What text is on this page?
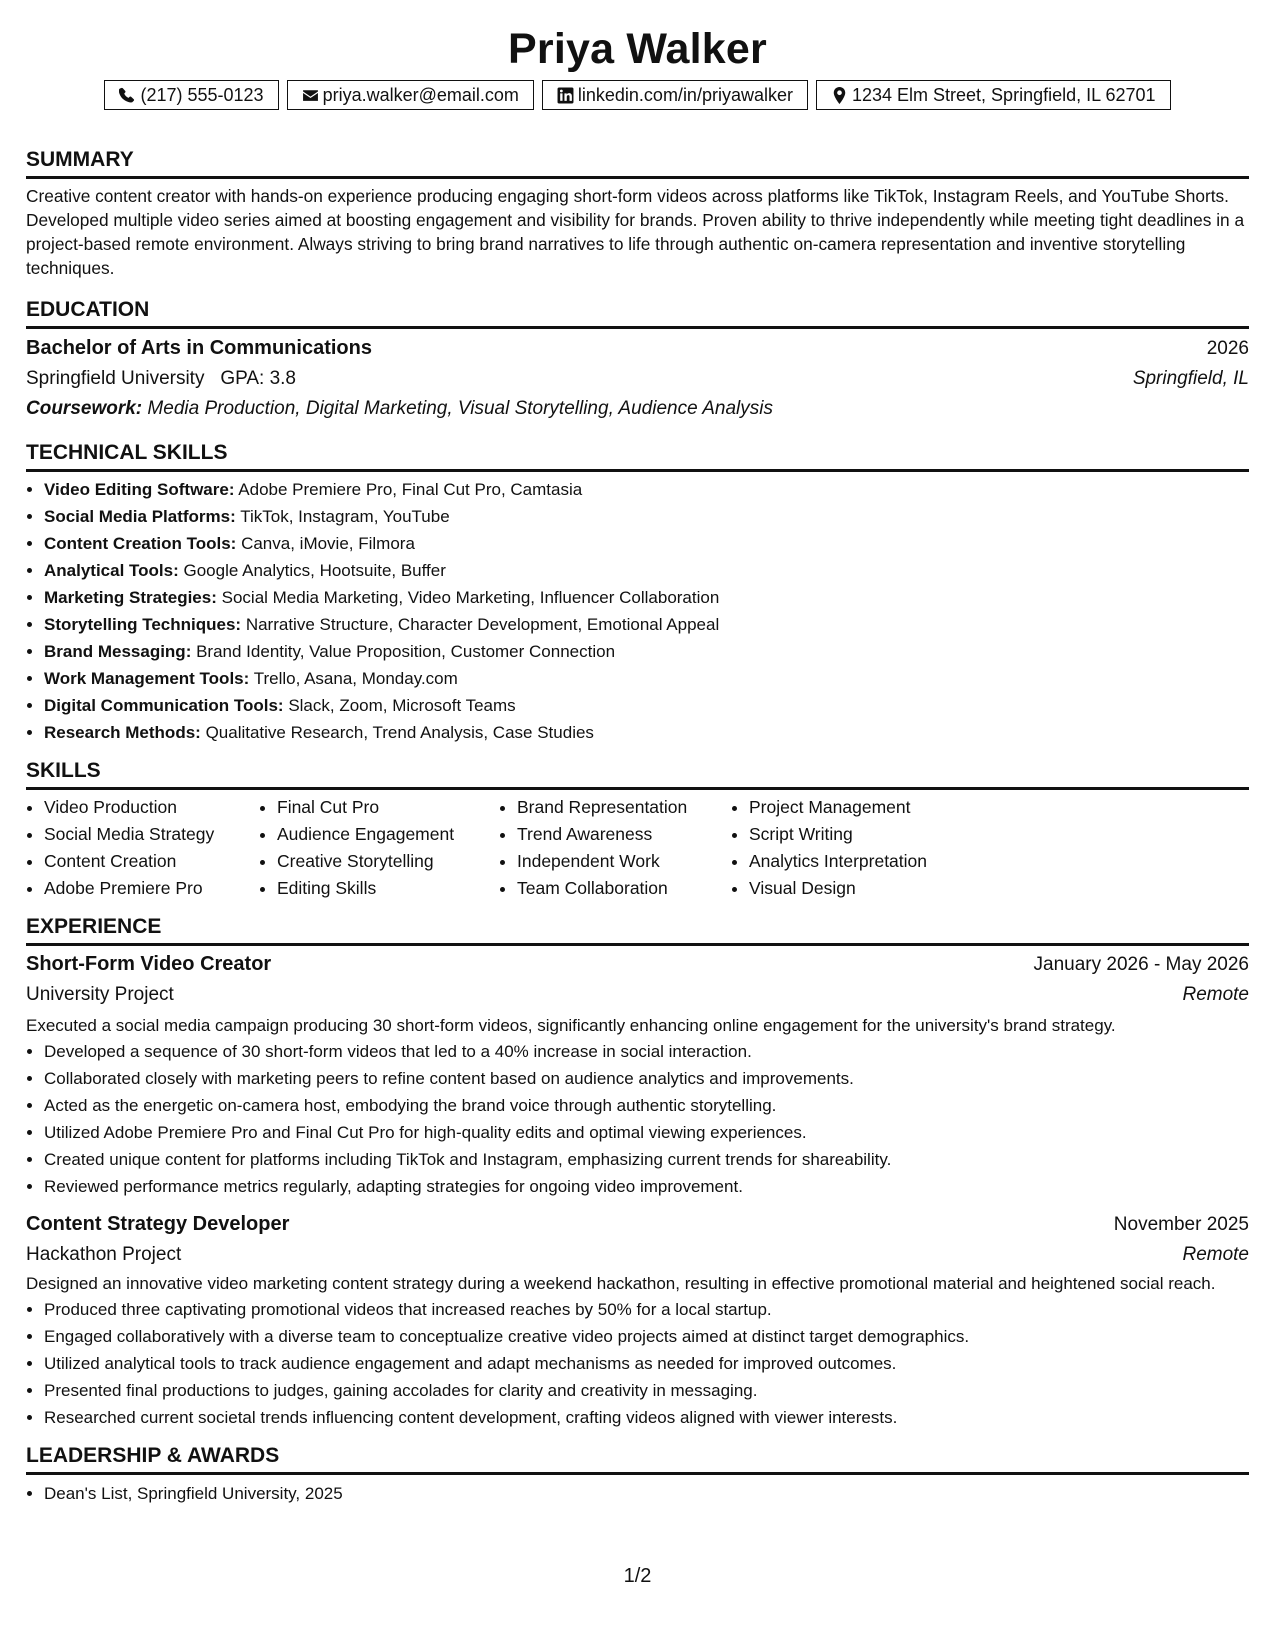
Priya Walker
(217) 555-0123	priya.walker@email.com	linkedin.com/in/priyawalker	1234 Elm Street, Springfield, IL 62701
SUMMARY

Creative content creator with hands-on experience producing engaging short-form videos across platforms like TikTok, Instagram Reels, and YouTube Shorts. Developed multiple video series aimed at boosting engagement and visibility for brands. Proven ability to thrive independently while meeting tight deadlines in a project-based remote environment. Always striving to bring brand narratives to life through authentic on-camera representation and inventive storytelling techniques.

EDUCATION
Bachelor of Arts in Communications	2026
Springfield University GPA: 3.8	Springfield, IL
Coursework: Media Production, Digital Marketing, Visual Storytelling, Audience Analysis
TECHNICAL SKILLS
• Video Editing Software: Adobe Premiere Pro, Final Cut Pro, Camtasia
• Social Media Platforms: TikTok, Instagram, YouTube
• Content Creation Tools: Canva, iMovie, Filmora
• Analytical Tools: Google Analytics, Hootsuite, Buffer
• Marketing Strategies: Social Media Marketing, Video Marketing, Influencer Collaboration
• Storytelling Techniques: Narrative Structure, Character Development, Emotional Appeal
• Brand Messaging: Brand Identity, Value Proposition, Customer Connection
• Work Management Tools: Trello, Asana, Monday.com
• Digital Communication Tools: Slack, Zoom, Microsoft Teams
• Research Methods: Qualitative Research, Trend Analysis, Case Studies
SKILLS
• Video Production
• Social Media Strategy
• Content Creation
• Adobe Premiere Pro
• Final Cut Pro
• Audience Engagement
• Creative Storytelling
• Editing Skills
• Brand Representation
• Trend Awareness
• Independent Work
• Team Collaboration
• Project Management
• Script Writing
• Analytics Interpretation
• Visual Design
EXPERIENCE
Short-Form Video Creator	January 2026 - May 2026
University Project	Remote

Executed a social media campaign producing 30 short-form videos, significantly enhancing online engagement for the university's brand strategy.

• Developed a sequence of 30 short-form videos that led to a 40% increase in social interaction.
• Collaborated closely with marketing peers to refine content based on audience analytics and improvements.
• Acted as the energetic on-camera host, embodying the brand voice through authentic storytelling.
• Utilized Adobe Premiere Pro and Final Cut Pro for high-quality edits and optimal viewing experiences.
• Created unique content for platforms including TikTok and Instagram, emphasizing current trends for shareability.
• Reviewed performance metrics regularly, adapting strategies for ongoing video improvement.
Content Strategy Developer	November 2025
Hackathon Project	Remote

Designed an innovative video marketing content strategy during a weekend hackathon, resulting in effective promotional material and heightened social reach.

• Produced three captivating promotional videos that increased reaches by 50% for a local startup.
• Engaged collaboratively with a diverse team to conceptualize creative video projects aimed at distinct target demographics.
• Utilized analytical tools to track audience engagement and adapt mechanisms as needed for improved outcomes.
• Presented final productions to judges, gaining accolades for clarity and creativity in messaging.
• Researched current societal trends influencing content development, crafting videos aligned with viewer interests.
LEADERSHIP & AWARDS
• Dean's List, Springfield University, 2025
1/2
